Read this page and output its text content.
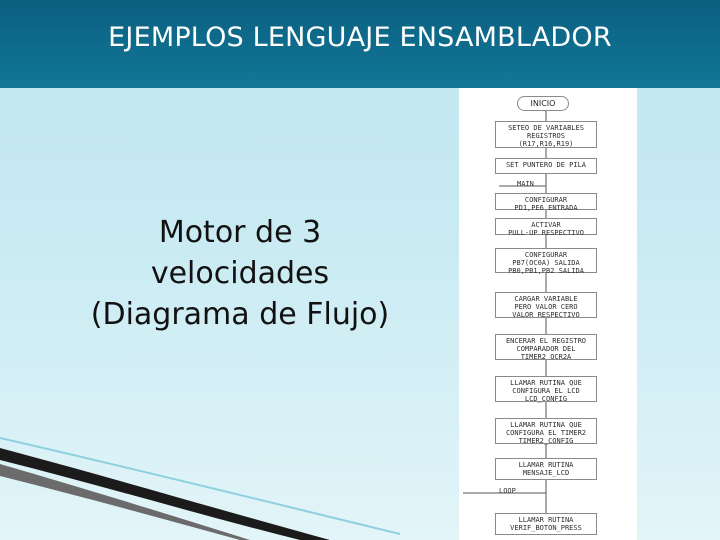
EJEMPLOS LENGUAJE ENSAMBLADOR
Motor de 3
velocidades
(Diagrama de Flujo)
INICIO
MAIN
LOOP
SETEO DE VARIABLES
REGISTROS
(R17,R16,R19)
SET PUNTERO DE PILA
CONFIGURAR
PD1,PE6 ENTRADA
ACTIVAR
PULL-UP RESPECTIVO
CONFIGURAR
PB7(OC0A) SALIDA
PB0,PB1,PB2 SALIDA
CARGAR VARIABLE
PERO VALOR CERO
VALOR RESPECTIVO
ENCERAR EL REGISTRO
COMPARADOR DEL
TIMER2 OCR2A
LLAMAR RUTINA QUE
CONFIGURA EL LCD
LCD_CONFIG
LLAMAR RUTINA QUE
CONFIGURA EL TIMER2
TIMER2_CONFIG
LLAMAR RUTINA
MENSAJE_LCD
LLAMAR RUTINA
VERIF_BOTON_PRESS
